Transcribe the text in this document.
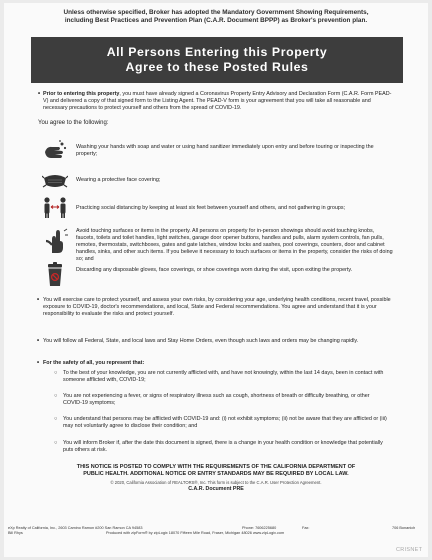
Unless otherwise specified, Broker has adopted the Mandatory Government Showing Requirements,
including Best Practices and Prevention Plan (C.A.R. Document BPPP) as Broker's prevention plan.
All Persons Entering this Property
Agree to these Posted Rules
• Prior to entering this property, you must have already signed a Coronavirus Property Entry Advisory and Declaration Form (C.A.R. Form PEAD-V) and delivered a copy of that signed form to the Listing Agent. The PEAD-V form is your agreement that you will take all reasonable and necessary precautions to protect yourself and others from the spread of COVID-19.
You agree to the following:
Washing your hands with soap and water or using hand sanitizer immediately upon entry and before touring or inspecting the property;
Wearing a protective face covering;
Practicing social distancing by keeping at least six feet between yourself and others, and not gathering in groups;
Avoid touching surfaces or items in the property. All persons on property for in-person showings should avoid touching knobs, faucets, toilets and toilet handles, light switches, garage door opener buttons, handles and pulls, alarm system controls, fan pulls, remotes, thermostats, switchboxes, gates and gate latches, window locks and sashes, pool coverings, counters, door and cabinet handles, sinks, and other such items. If you believe it necessary to touch surfaces or items in the property, consider the risks of doing so; and
Discarding any disposable gloves, face coverings, or shoe coverings worn during the visit, upon exiting the property.
• You will exercise care to protect yourself, and assess your own risks, by considering your age, underlying health conditions, recent travel, possible exposure to COVID-19, doctor's recommendations, and local, State and Federal recommendations. You agree and understand that it is your responsibility to evaluate the risks and protect yourself.
• You will follow all Federal, State, and local laws and Stay Home Orders, even though such laws and orders may be changing rapidly.
• For the safety of all, you represent that:
○ To the best of your knowledge, you are not currently afflicted with, and have not knowingly, within the last 14 days, been in contact with someone afflicted with, COVID-19;
○ You are not experiencing a fever, or signs of respiratory illness such as cough, shortness of breath or difficulty breathing, or other COVID-19 symptoms;
○ You understand that persons may be afflicted with COVID-19 and: (i) not exhibit symptoms; (ii) not be aware that they are afflicted or (iii) may not voluntarily agree to disclose their condition; and
○ You will inform Broker if, after the date this document is signed, there is a change in your health condition or knowledge that potentially puts others at risk.
THIS NOTICE IS POSTED TO COMPLY WITH THE REQUIREMENTS OF THE CALIFORNIA DEPARTMENT OF
PUBLIC HEALTH. ADDITIONAL NOTICE OR ENTRY STANDARDS MAY BE REQUIRED BY LOCAL LAW.
© 2020, California Association of REALTORS®, Inc. This form is subject to the C.A.R. User Protection Agreement.
C.A.R. Document PRE
eXp Realty of California, Inc., 2603 Camino Ramon #200 San Ramon CA 94583	Phone: 7606225680	Fax:	706 Bonanich
Bill Rhys	Produced with zipForm® by zipLogix 18070 Fifteen Mile Road, Fraser, Michigan 48026 www.zipLogix.com
CRISNET
